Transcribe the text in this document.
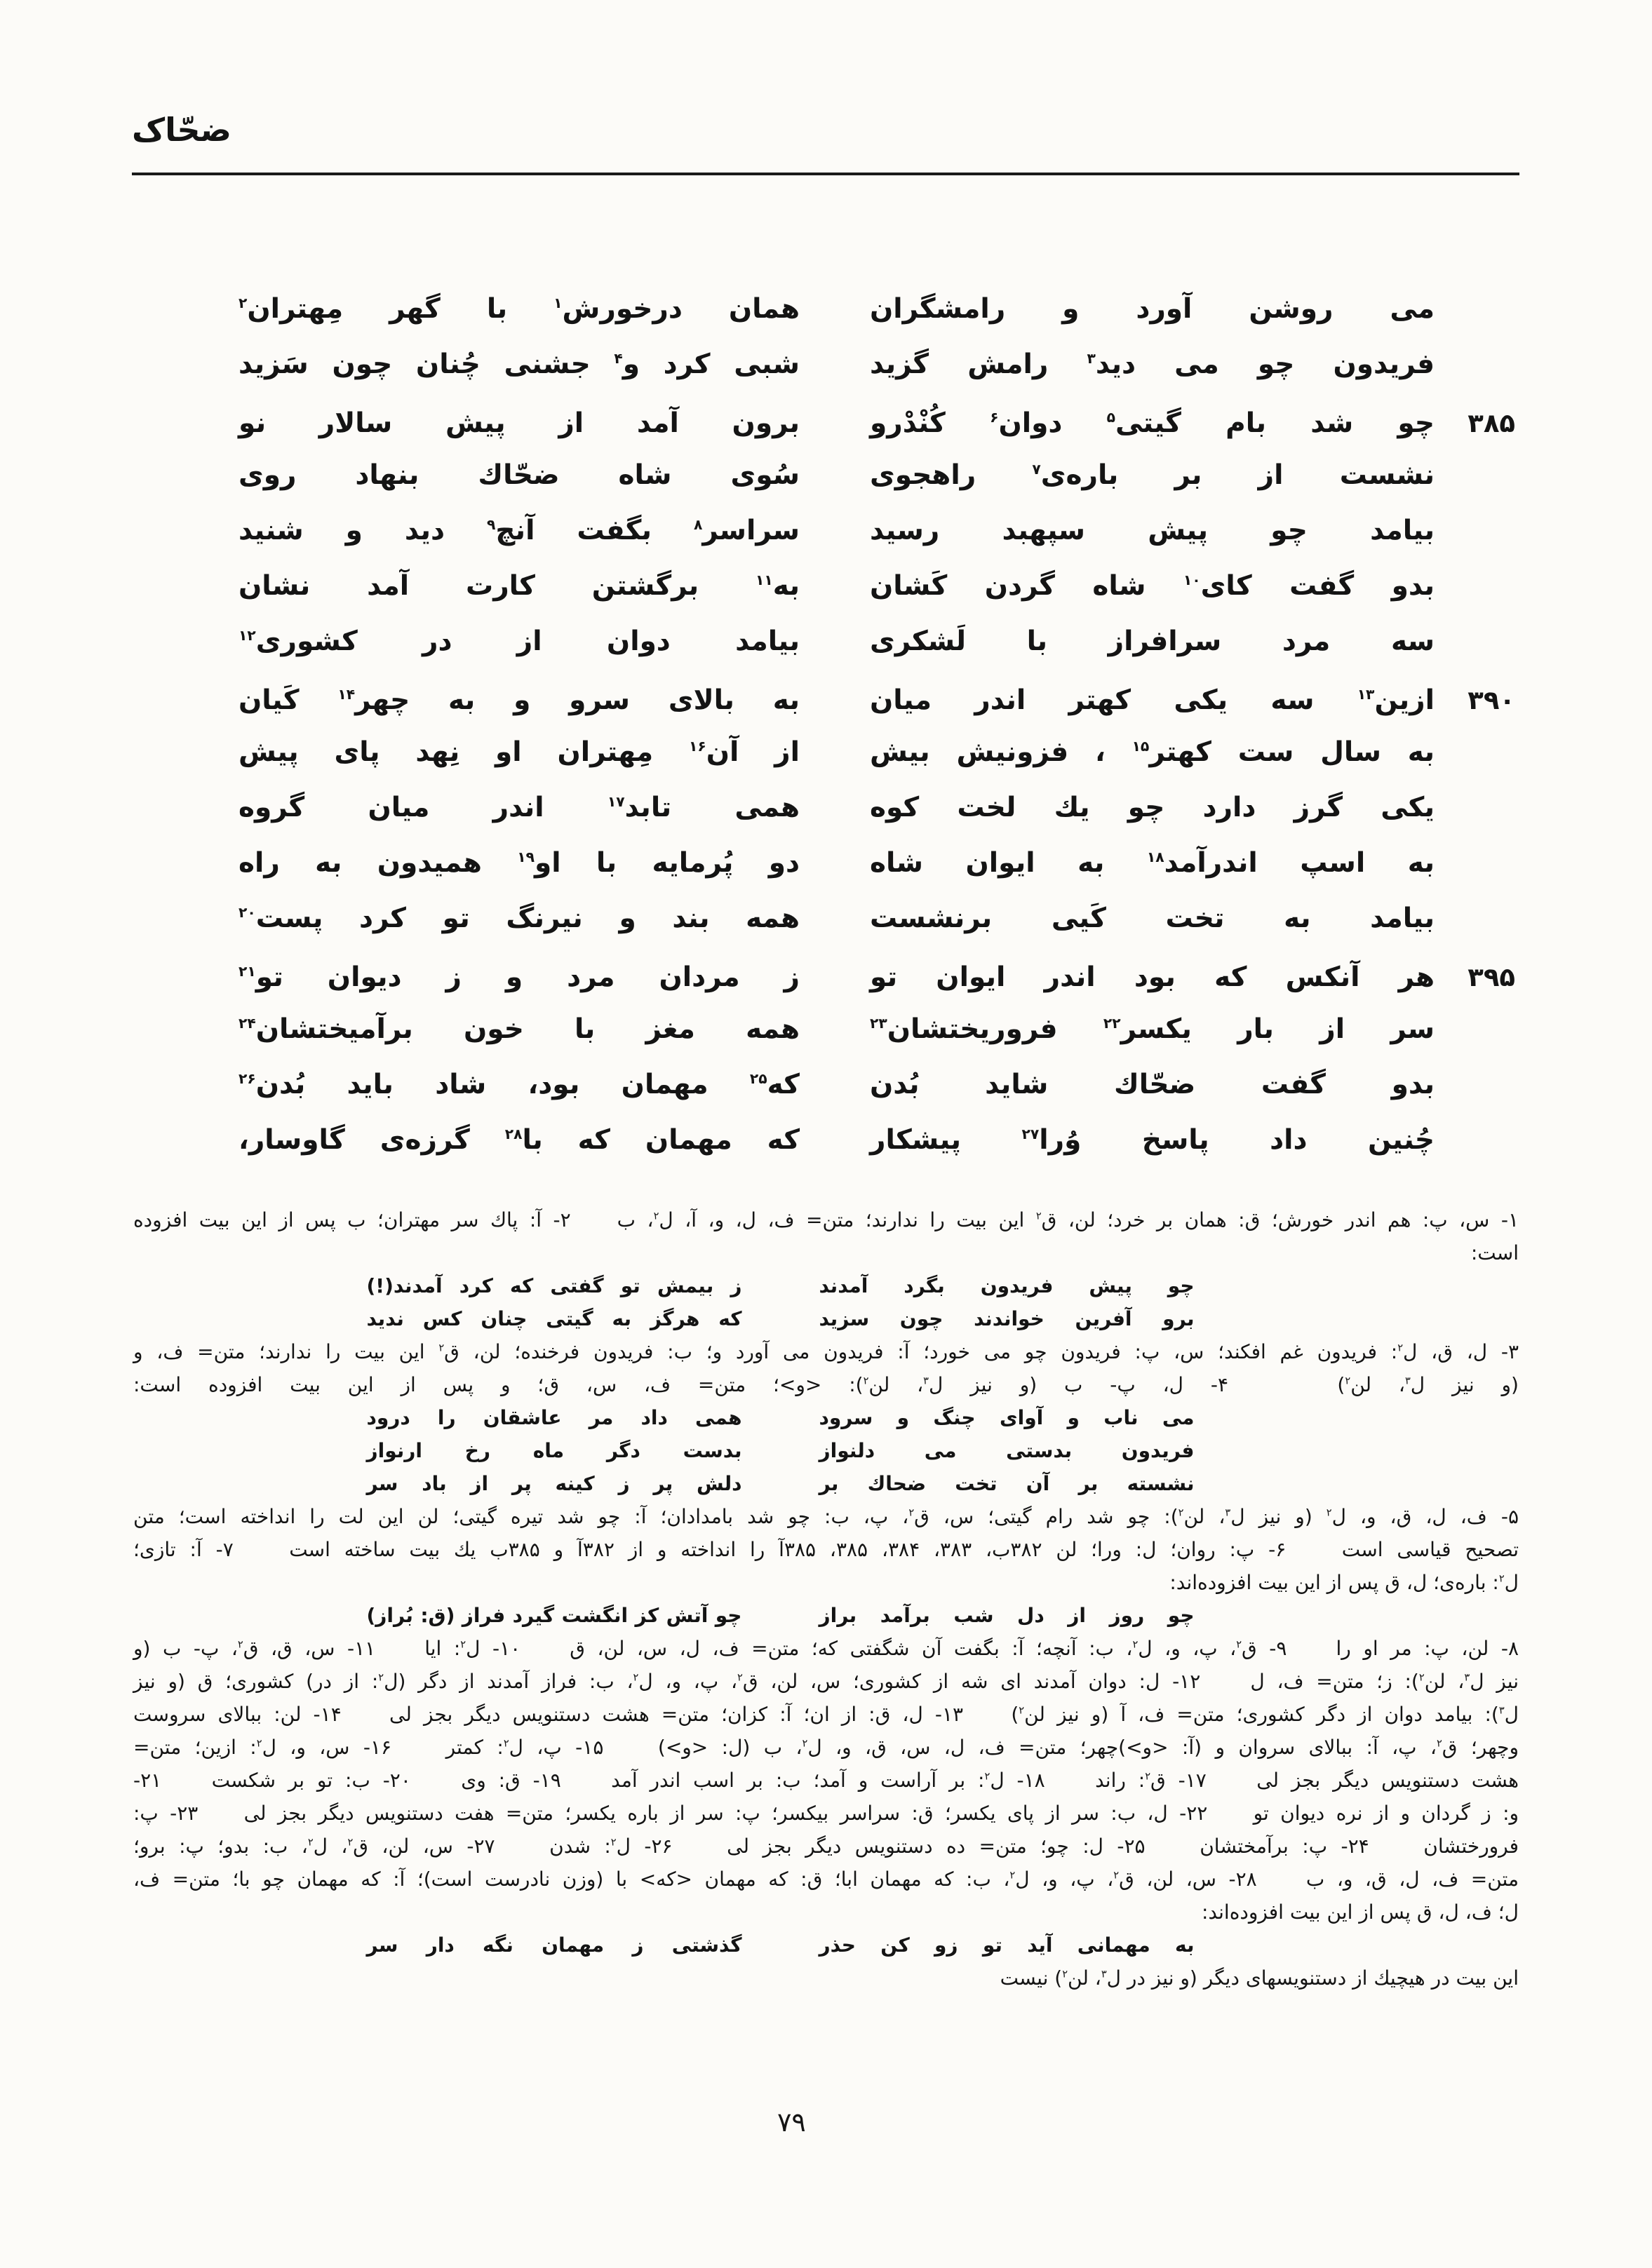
ضحّاک
می روشن آورد و رامشگران
همان درخورش$^۱$ با گهر مِهتران$^۲$
فریدون چو می دید$^۳$ رامش گزید
شبی کرد و$^۴$ جشنی چُنان چون سَزید
۳۸۵
چو شد بام گیتی$^۵$ دوان$^۶$ کُنْدْرو
برون آمد از پیش سالار نو
نشست از بر باره‌ی$^۷$ راهجوی
سُوی شاه ضحّاك بنهاد روی
بیامد چو پیش سپهبد رسید
سراسر$^۸$ بگفت آنچ$^۹$ دید و شنید
بدو گفت کای$^{۱۰}$ شاه گردن کَشان
به$^{۱۱}$ برگشتن کارت آمد نشان
سه مرد سرافراز با لَشکری
بیامد دوان از در کشوری$^{۱۲}$
۳۹۰
ازین$^{۱۳}$ سه یکی کهتر اندر میان
به بالای سرو و به چهر$^{۱۴}$ کَیان
به سال ست کهتر$^{۱۵}$ ، فزونیش بیش
از آن$^{۱۶}$ مِهتران او نِهد پای پیش
یکی گرز دارد چو یك لخت کوه
همی تابد$^{۱۷}$ اندر میان گروه
به اسپ اندرآمد$^{۱۸}$ به ایوان شاه
دو پُرمایه با او$^{۱۹}$ همیدون به راه
بیامد به تخت کَیی برنشست
همه بند و نیرنگ تو کرد پست$^{۲۰}$
۳۹۵
هر آنکس که بود اندر ایوان تو
ز مردان مرد و ز دیوان تو$^{۲۱}$
سر از بار یکسر$^{۲۲}$ فروریختشان$^{۲۳}$
همه مغز با خون برآمیختشان$^{۲۴}$
بدو گفت ضحّاك شاید بُدن
که$^{۲۵}$ مهمان بود، شاد باید بُدن$^{۲۶}$
چُنین داد پاسخ وُرا$^{۲۷}$ پیشکار
که مهمان که با$^{۲۸}$ گرزه‌ی گاوسار،
۱- س، پ: هم اندر خورش؛ ق: همان بر خرد؛ لن، ق$^۲$ این بیت را ندارند؛ متن= ف، ل، و، آ، ل$^۲$، ب    ۲- آ: پاك سر مهتران؛ ب پس از این بیت افزوده
است:
چو پیش فریدون بگرد آمدند
ز بیمش تو گفتی که کرد آمدند(!)
برو آفرین خواندند چون سزید
که هرگز به گیتی چنان کس ندید
۳- ل، ق، ل$^۲$: فریدون غم افکند؛ س، پ: فریدون چو می خورد؛ آ: فریدون می آورد و؛ ب: فریدون فرخنده؛ لن، ق$^۲$ این بیت را ندارند؛ متن= ف، و
(و نیز ل$^۳$، لن$^۲$)    ۴- ل، پ- ب (و نیز ل$^۳$، لن$^۲$): <و>؛ متن= ف، س، ق؛ و پس از این بیت افزوده است:
می ناب و آوای چنگ و سرود
همی داد مر عاشقان را درود
فریدون بدستی می دلنواز
بدست دگر ماه رخ ارنواز
نشسته بر آن تخت ضحاك بر
دلش پر ز کینه پر از باد سر
۵- ف، ل، ق، و، ل$^۲$ (و نیز ل$^۳$، لن$^۲$): چو شد رام گیتی؛ س، ق$^۲$، پ، ب: چو شد بامدادان؛ آ: چو شد تیره گیتی؛ لن این لت را انداخته است؛ متن
تصحیح قیاسی است    ۶- پ: روان؛ ل: ورا؛ لن ۳۸۲ب، ۳۸۳، ۳۸۴، ۳۸۵، ۳۸۵آ را انداخته و از ۳۸۲آ و ۳۸۵ب یك بیت ساخته است    ۷- آ: تازی؛
ل$^۲$: باره‌ی؛ ل، ق پس از این بیت افزوده‌اند:
چو روز از دل شب برآمد براز
چو آتش کز انگشت گیرد فراز (ق: بُراز)
۸- لن، پ: مر او را    ۹- ق$^۲$، پ، و، ل$^۲$، ب: آنچه؛ آ: بگفت آن شگفتی که؛ متن= ف، ل، س، لن، ق    ۱۰- ل$^۲$: ایا    ۱۱- س، ق، ق$^۲$، پ- ب (و
نیز ل$^۳$، لن$^۲$): ز؛ متن= ف، ل    ۱۲- ل: دوان آمدند ای شه از کشوری؛ س، لن، ق$^۲$، پ، و، ل$^۲$، ب: فراز آمدند از دگر (ل$^۲$: از در) کشوری؛ ق (و نیز
ل$^۳$): بیامد دوان از دگر کشوری؛ متن= ف، آ (و نیز لن$^۲$)    ۱۳- ل، ق: از ان؛ آ: کزان؛ متن= هشت دستنویس دیگر بجز لی    ۱۴- لن: ببالای سروست
وچهر؛ ق$^۲$، پ، آ: ببالای سروان و (آ: <و>)چهر؛ متن= ف، ل، س، ق، و، ل$^۲$، ب (ل: <و>)    ۱۵- پ، ل$^۲$: کمتر    ۱۶- س، و، ل$^۲$: ازین؛ متن=
هشت دستنویس دیگر بجز لی    ۱۷- ق$^۲$: راند    ۱۸- ل$^۲$: بر آراست و آمد؛ ب: بر اسب اندر آمد    ۱۹- ق: وی    ۲۰- ب: تو بر شکست    ۲۱-
و: ز گردان و از نره دیوان تو    ۲۲- ل، ب: سر از پای یکسر؛ ق: سراسر بیکسر؛ پ: سر از باره یکسر؛ متن= هفت دستنویس دیگر بجز لی    ۲۳- پ:
فرورختشان    ۲۴- پ: برآمختشان    ۲۵- ل: چو؛ متن= ده دستنویس دیگر بجز لی    ۲۶- ل$^۲$: شدن    ۲۷- س، لن، ق$^۲$، ل$^۲$، ب: بدو؛ پ: برو؛
متن= ف، ل، ق، و، ب    ۲۸- س، لن، ق$^۲$، پ، و، ل$^۲$، ب: که مهمان ابا؛ ق: که مهمان <که> با (وزن نادرست است)؛ آ: که مهمان چو با؛ متن= ف،
ل؛ ف، ل، ق پس از این بیت افزوده‌اند:
به مهمانی آید تو زو کن حذر
گذشتی ز مهمان نگه دار سر
این بیت در هیچیك از دستنویسهای دیگر (و نیز در ل$^۳$، لن$^۲$) نیست
۷۹
